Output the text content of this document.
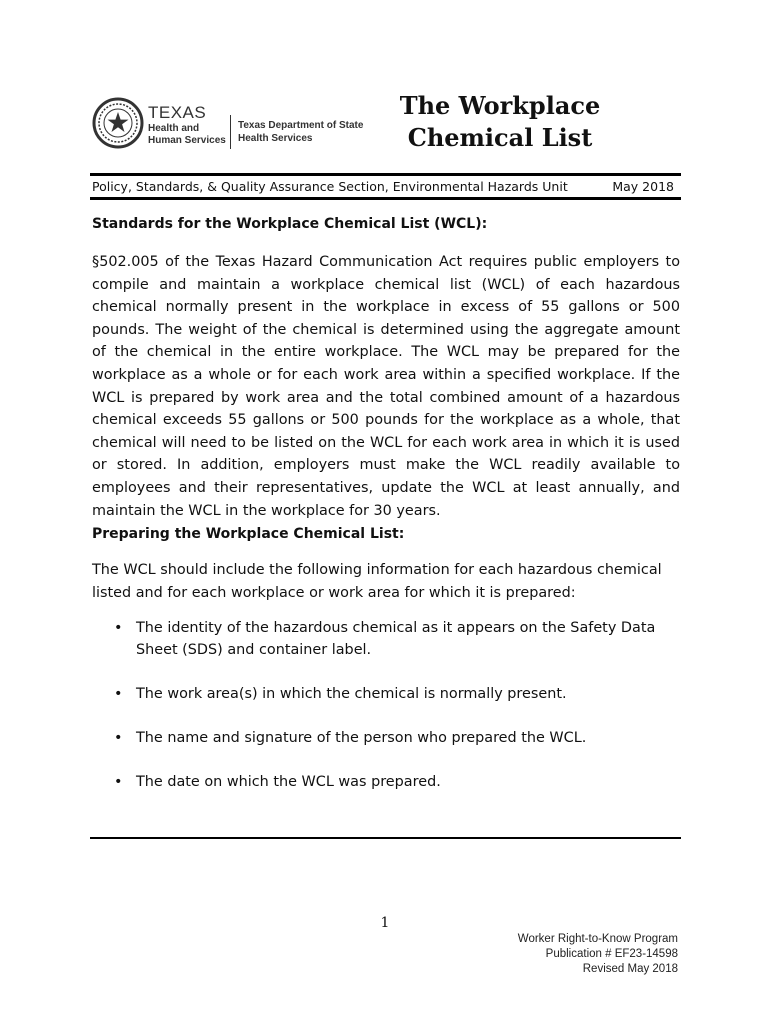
TEXAS
Health and Human Services
Texas Department of State Health Services
The Workplace
Chemical List
Policy, Standards, & Quality Assurance Section, Environmental Hazards Unit	May 2018
Standards for the Workplace Chemical List (WCL):

§502.005 of the Texas Hazard Communication Act requires public employers to compile and maintain a workplace chemical list (WCL) of each hazardous chemical normally present in the workplace in excess of 55 gallons or 500 pounds. The weight of the chemical is determined using the aggregate amount of the chemical in the entire workplace. The WCL may be prepared for the workplace as a whole or for each work area within a specified workplace. If the WCL is prepared by work area and the total combined amount of a hazardous chemical exceeds 55 gallons or 500 pounds for the workplace as a whole, that chemical will need to be listed on the WCL for each work area in which it is used or stored. In addition, employers must make the WCL readily available to employees and their representatives, update the WCL at least annually, and maintain the WCL in the workplace for 30 years.

Preparing the Workplace Chemical List:

The WCL should include the following information for each hazardous chemical listed and for each workplace or work area for which it is prepared:

• The identity of the hazardous chemical as it appears on the Safety Data Sheet (SDS) and container label.
• The work area(s) in which the chemical is normally present.
• The name and signature of the person who prepared the WCL.
• The date on which the WCL was prepared.
1
Worker Right-to-Know Program
Publication # EF23-14598
Revised May 2018
